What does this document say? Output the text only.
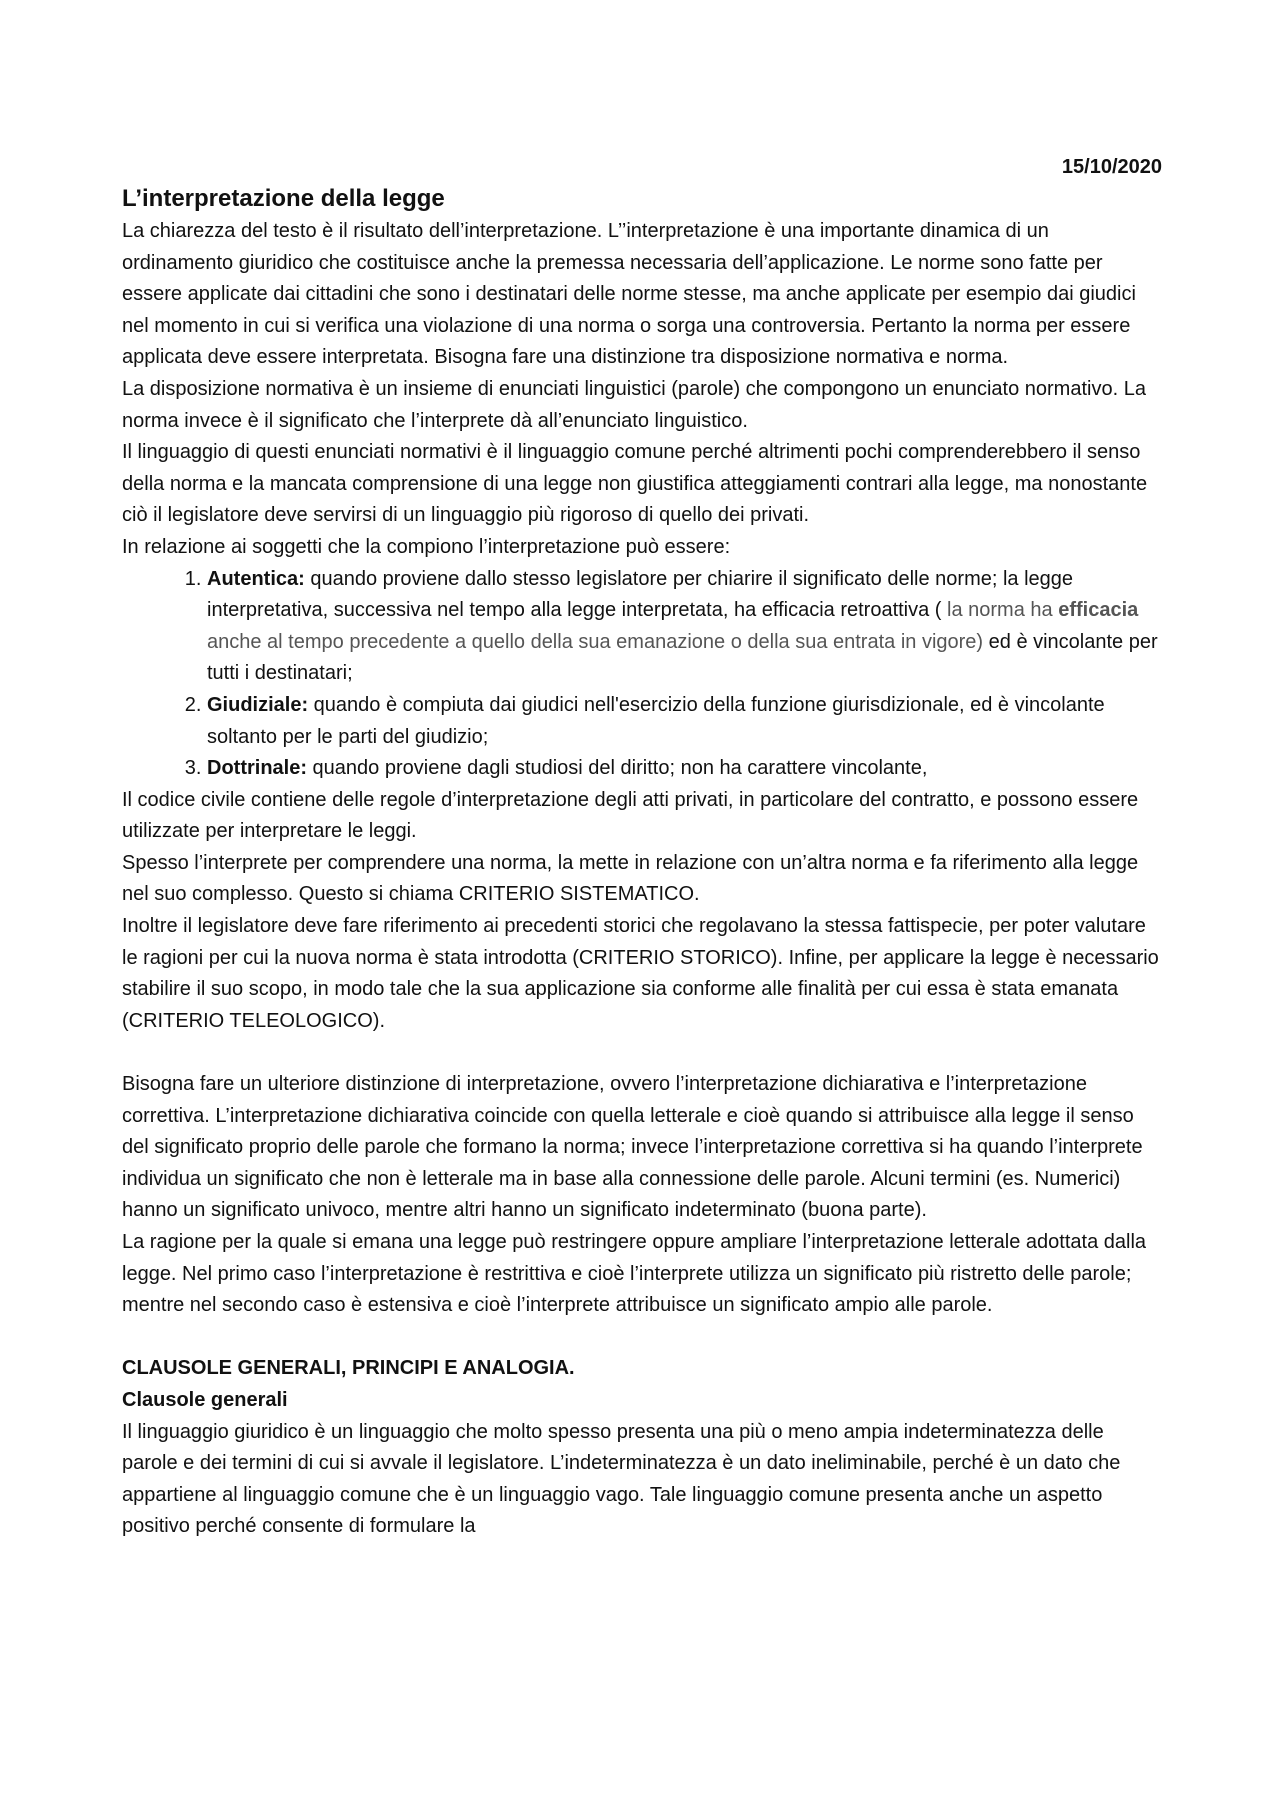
15/10/2020

L’interpretazione della legge

La chiarezza del testo è il risultato dell’interpretazione. L’’interpretazione è una importante dinamica di un ordinamento giuridico che costituisce anche la premessa necessaria dell’applicazione. Le norme sono fatte per essere applicate dai cittadini che sono i destinatari delle norme stesse, ma anche applicate per esempio dai giudici nel momento in cui si verifica una violazione di una norma o sorga una controversia. Pertanto la norma per essere applicata deve essere interpretata. Bisogna fare una distinzione tra disposizione normativa e norma.

La disposizione normativa è un insieme di enunciati linguistici (parole) che compongono un enunciato normativo. La norma invece è il significato che l’interprete dà all’enunciato linguistico.

Il linguaggio di questi enunciati normativi è il linguaggio comune perché altrimenti pochi comprenderebbero il senso della norma e la mancata comprensione di una legge non giustifica atteggiamenti contrari alla legge, ma nonostante ciò il legislatore deve servirsi di un linguaggio più rigoroso di quello dei privati.

In relazione ai soggetti che la compiono l’interpretazione può essere:

1. Autentica: quando proviene dallo stesso legislatore per chiarire il significato delle norme; la legge interpretativa, successiva nel tempo alla legge interpretata, ha efficacia retroattiva ( la norma ha efficacia anche al tempo precedente a quello della sua emanazione o della sua entrata in vigore) ed è vincolante per tutti i destinatari;
2. Giudiziale: quando è compiuta dai giudici nell'esercizio della funzione giurisdizionale, ed è vincolante soltanto per le parti del giudizio;
3. Dottrinale: quando proviene dagli studiosi del diritto; non ha carattere vincolante,

Il codice civile contiene delle regole d’interpretazione degli atti privati, in particolare del contratto, e possono essere utilizzate per interpretare le leggi.

Spesso l’interprete per comprendere una norma, la mette in relazione con un’altra norma e fa riferimento alla legge nel suo complesso. Questo si chiama CRITERIO SISTEMATICO.

Inoltre il legislatore deve fare riferimento ai precedenti storici che regolavano la stessa fattispecie, per poter valutare le ragioni per cui la nuova norma è stata introdotta (CRITERIO STORICO). Infine, per applicare la legge è necessario stabilire il suo scopo, in modo tale che la sua applicazione sia conforme alle finalità per cui essa è stata emanata (CRITERIO TELEOLOGICO).

Bisogna fare un ulteriore distinzione di interpretazione, ovvero l’interpretazione dichiarativa e l’interpretazione correttiva. L’interpretazione dichiarativa coincide con quella letterale e cioè quando si attribuisce alla legge il senso del significato proprio delle parole che formano la norma; invece l’interpretazione correttiva si ha quando l’interprete individua un significato che non è letterale ma in base alla connessione delle parole. Alcuni termini (es. Numerici) hanno un significato univoco, mentre altri hanno un significato indeterminato (buona parte).

La ragione per la quale si emana una legge può restringere oppure ampliare l’interpretazione letterale adottata dalla legge. Nel primo caso l’interpretazione è restrittiva e cioè l’interprete utilizza un significato più ristretto delle parole; mentre nel secondo caso è estensiva e cioè l’interprete attribuisce un significato ampio alle parole.

CLAUSOLE GENERALI, PRINCIPI E ANALOGIA.

Clausole generali

Il linguaggio giuridico è un linguaggio che molto spesso presenta una più o meno ampia indeterminatezza delle parole e dei termini di cui si avvale il legislatore. L’indeterminatezza è un dato ineliminabile, perché è un dato che appartiene al linguaggio comune che è un linguaggio vago. Tale linguaggio comune presenta anche un aspetto positivo perché consente di formulare la
